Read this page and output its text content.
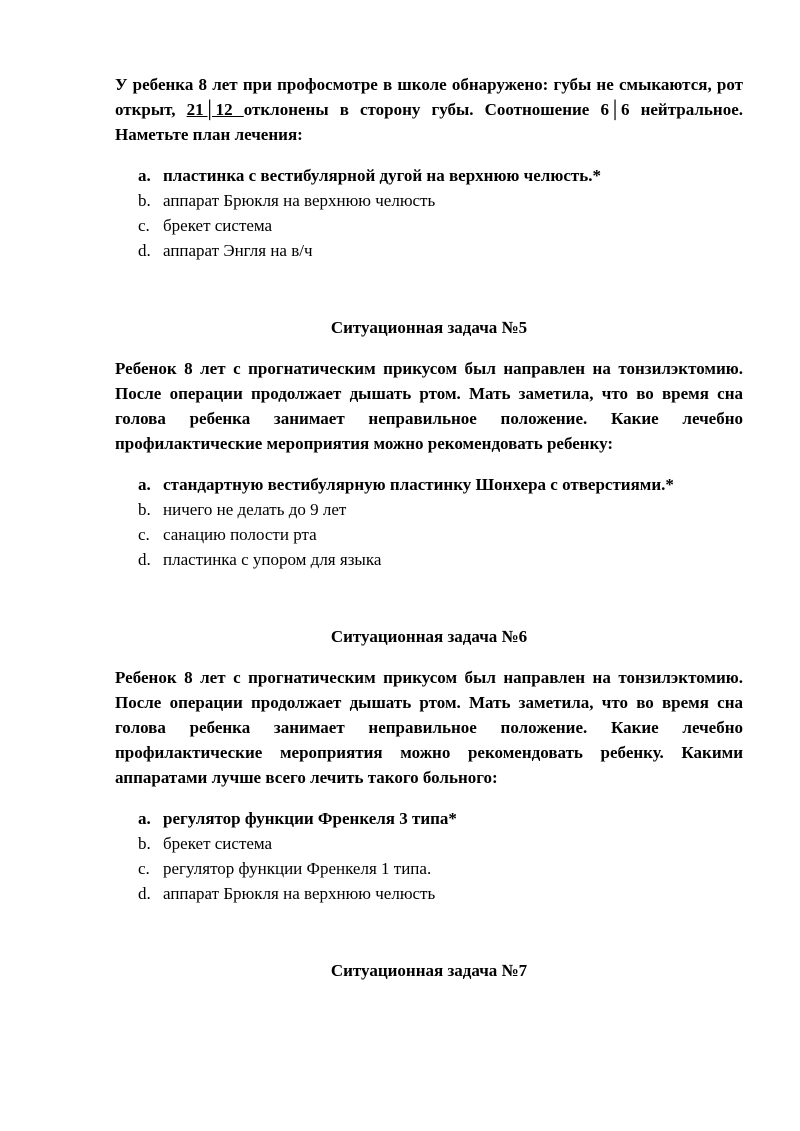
У ребенка 8 лет при профосмотре в школе обнаружено: губы не смыкаются, рот открыт, 21│12 отклонены в сторону губы. Соотношение 6│6 нейтральное. Наметьте план лечения:

a. пластинка с вестибулярной дугой на верхнюю челюсть.*
b. аппарат Брюкля на верхнюю челюсть
c. брекет система
d. аппарат Энгля на в/ч

Ситуационная задача №5

Ребенок 8 лет с прогнатическим прикусом был направлен на тонзилэктомию. После операции продолжает дышать ртом. Мать заметила, что во время сна голова ребенка занимает неправильное положение. Какие лечебно профилактические мероприятия можно рекомендовать ребенку:

a. стандартную вестибулярную пластинку Шонхера с отверстиями.*
b. ничего не делать до 9 лет
c. санацию полости рта
d. пластинка с упором для языка

Ситуационная задача №6

Ребенок 8 лет с прогнатическим прикусом был направлен на тонзилэктомию. После операции продолжает дышать ртом. Мать заметила, что во время сна голова ребенка занимает неправильное положение. Какие лечебно профилактические мероприятия можно рекомендовать ребенку. Какими аппаратами лучше всего лечить такого больного:

a. регулятор функции Френкеля 3 типа*
b. брекет система
c. регулятор функции Френкеля 1 типа.
d. аппарат Брюкля на верхнюю челюсть

Ситуационная задача №7
